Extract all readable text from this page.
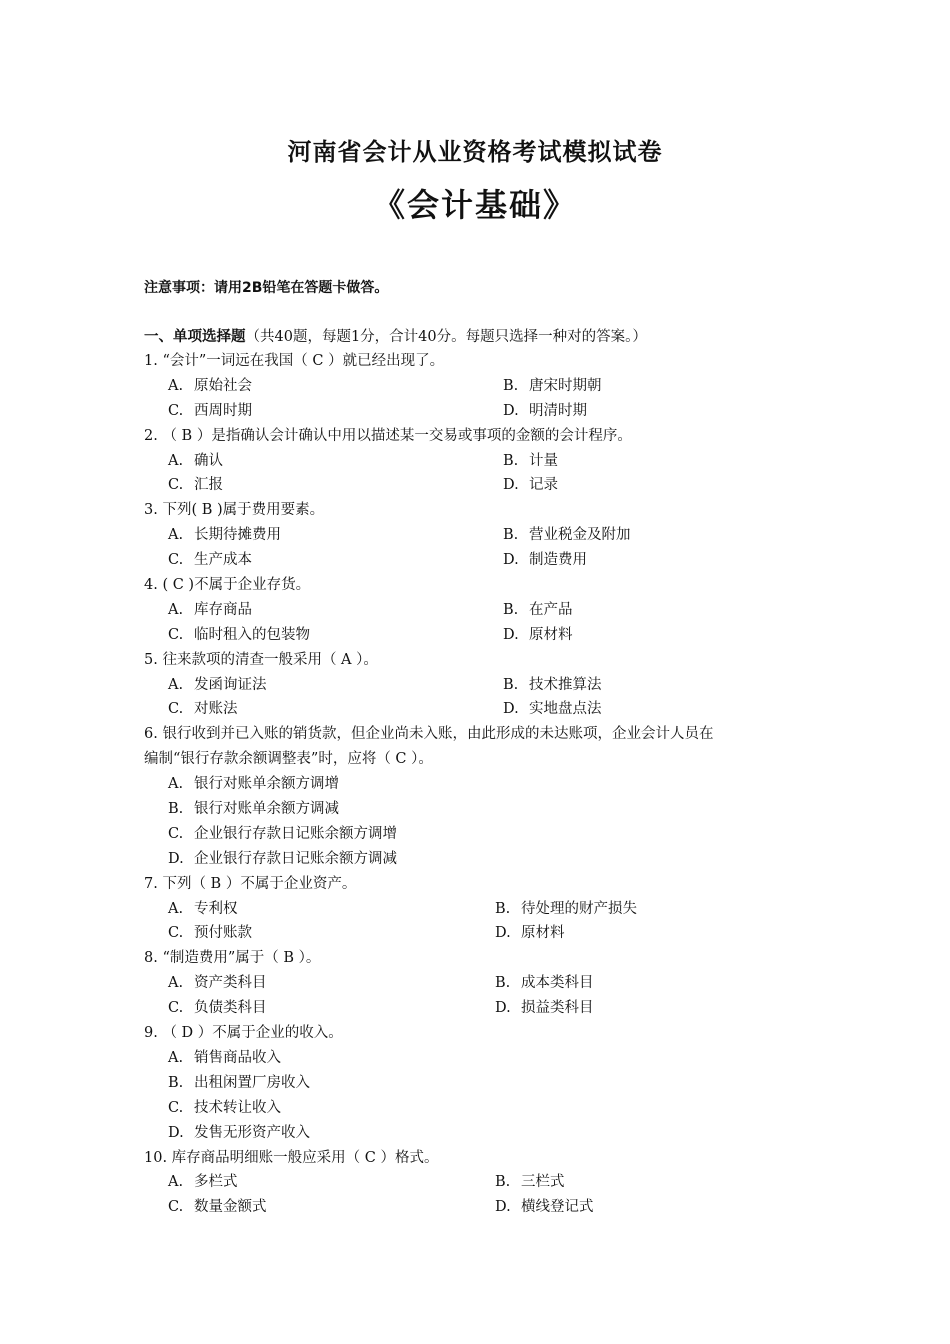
河南省会计从业资格考试模拟试卷
《会计基础》
注意事项：请用2B铅笔在答题卡做答。
一、单项选择题（共40题，每题1分，合计40分。每题只选择一种对的答案。）
1. “会计”一词远在我国（ C ）就已经出现了。
A. 原始社会	B. 唐宋时期朝
C. 西周时期	D. 明清时期
2. （ B ）是指确认会计确认中用以描述某一交易或事项的金额的会计程序。
A. 确认	B. 计量
C. 汇报	D. 记录
3. 下列( B )属于费用要素。
A. 长期待摊费用	B. 营业税金及附加
C. 生产成本	D. 制造费用
4. ( C )不属于企业存货。
A. 库存商品	B. 在产品
C. 临时租入的包装物	D. 原材料
5. 往来款项的清查一般采用（ A ）。
A. 发函询证法	B. 技术推算法
C. 对账法	D. 实地盘点法
6. 银行收到并已入账的销货款，但企业尚未入账，由此形成的未达账项，企业会计人员在
编制“银行存款余额调整表”时，应将（ C ）。
A. 银行对账单余额方调增
B. 银行对账单余额方调减
C. 企业银行存款日记账余额方调增
D. 企业银行存款日记账余额方调减
7. 下列（ B ）不属于企业资产。
A. 专利权	B. 待处理的财产损失
C. 预付账款	D. 原材料
8. “制造费用”属于（ B ）。
A. 资产类科目	B. 成本类科目
C. 负债类科目	D. 损益类科目
9. （ D ）不属于企业的收入。
A. 销售商品收入
B. 出租闲置厂房收入
C. 技术转让收入
D. 发售无形资产收入
10. 库存商品明细账一般应采用（ C ）格式。
A. 多栏式	B. 三栏式
C. 数量金额式	D. 横线登记式
